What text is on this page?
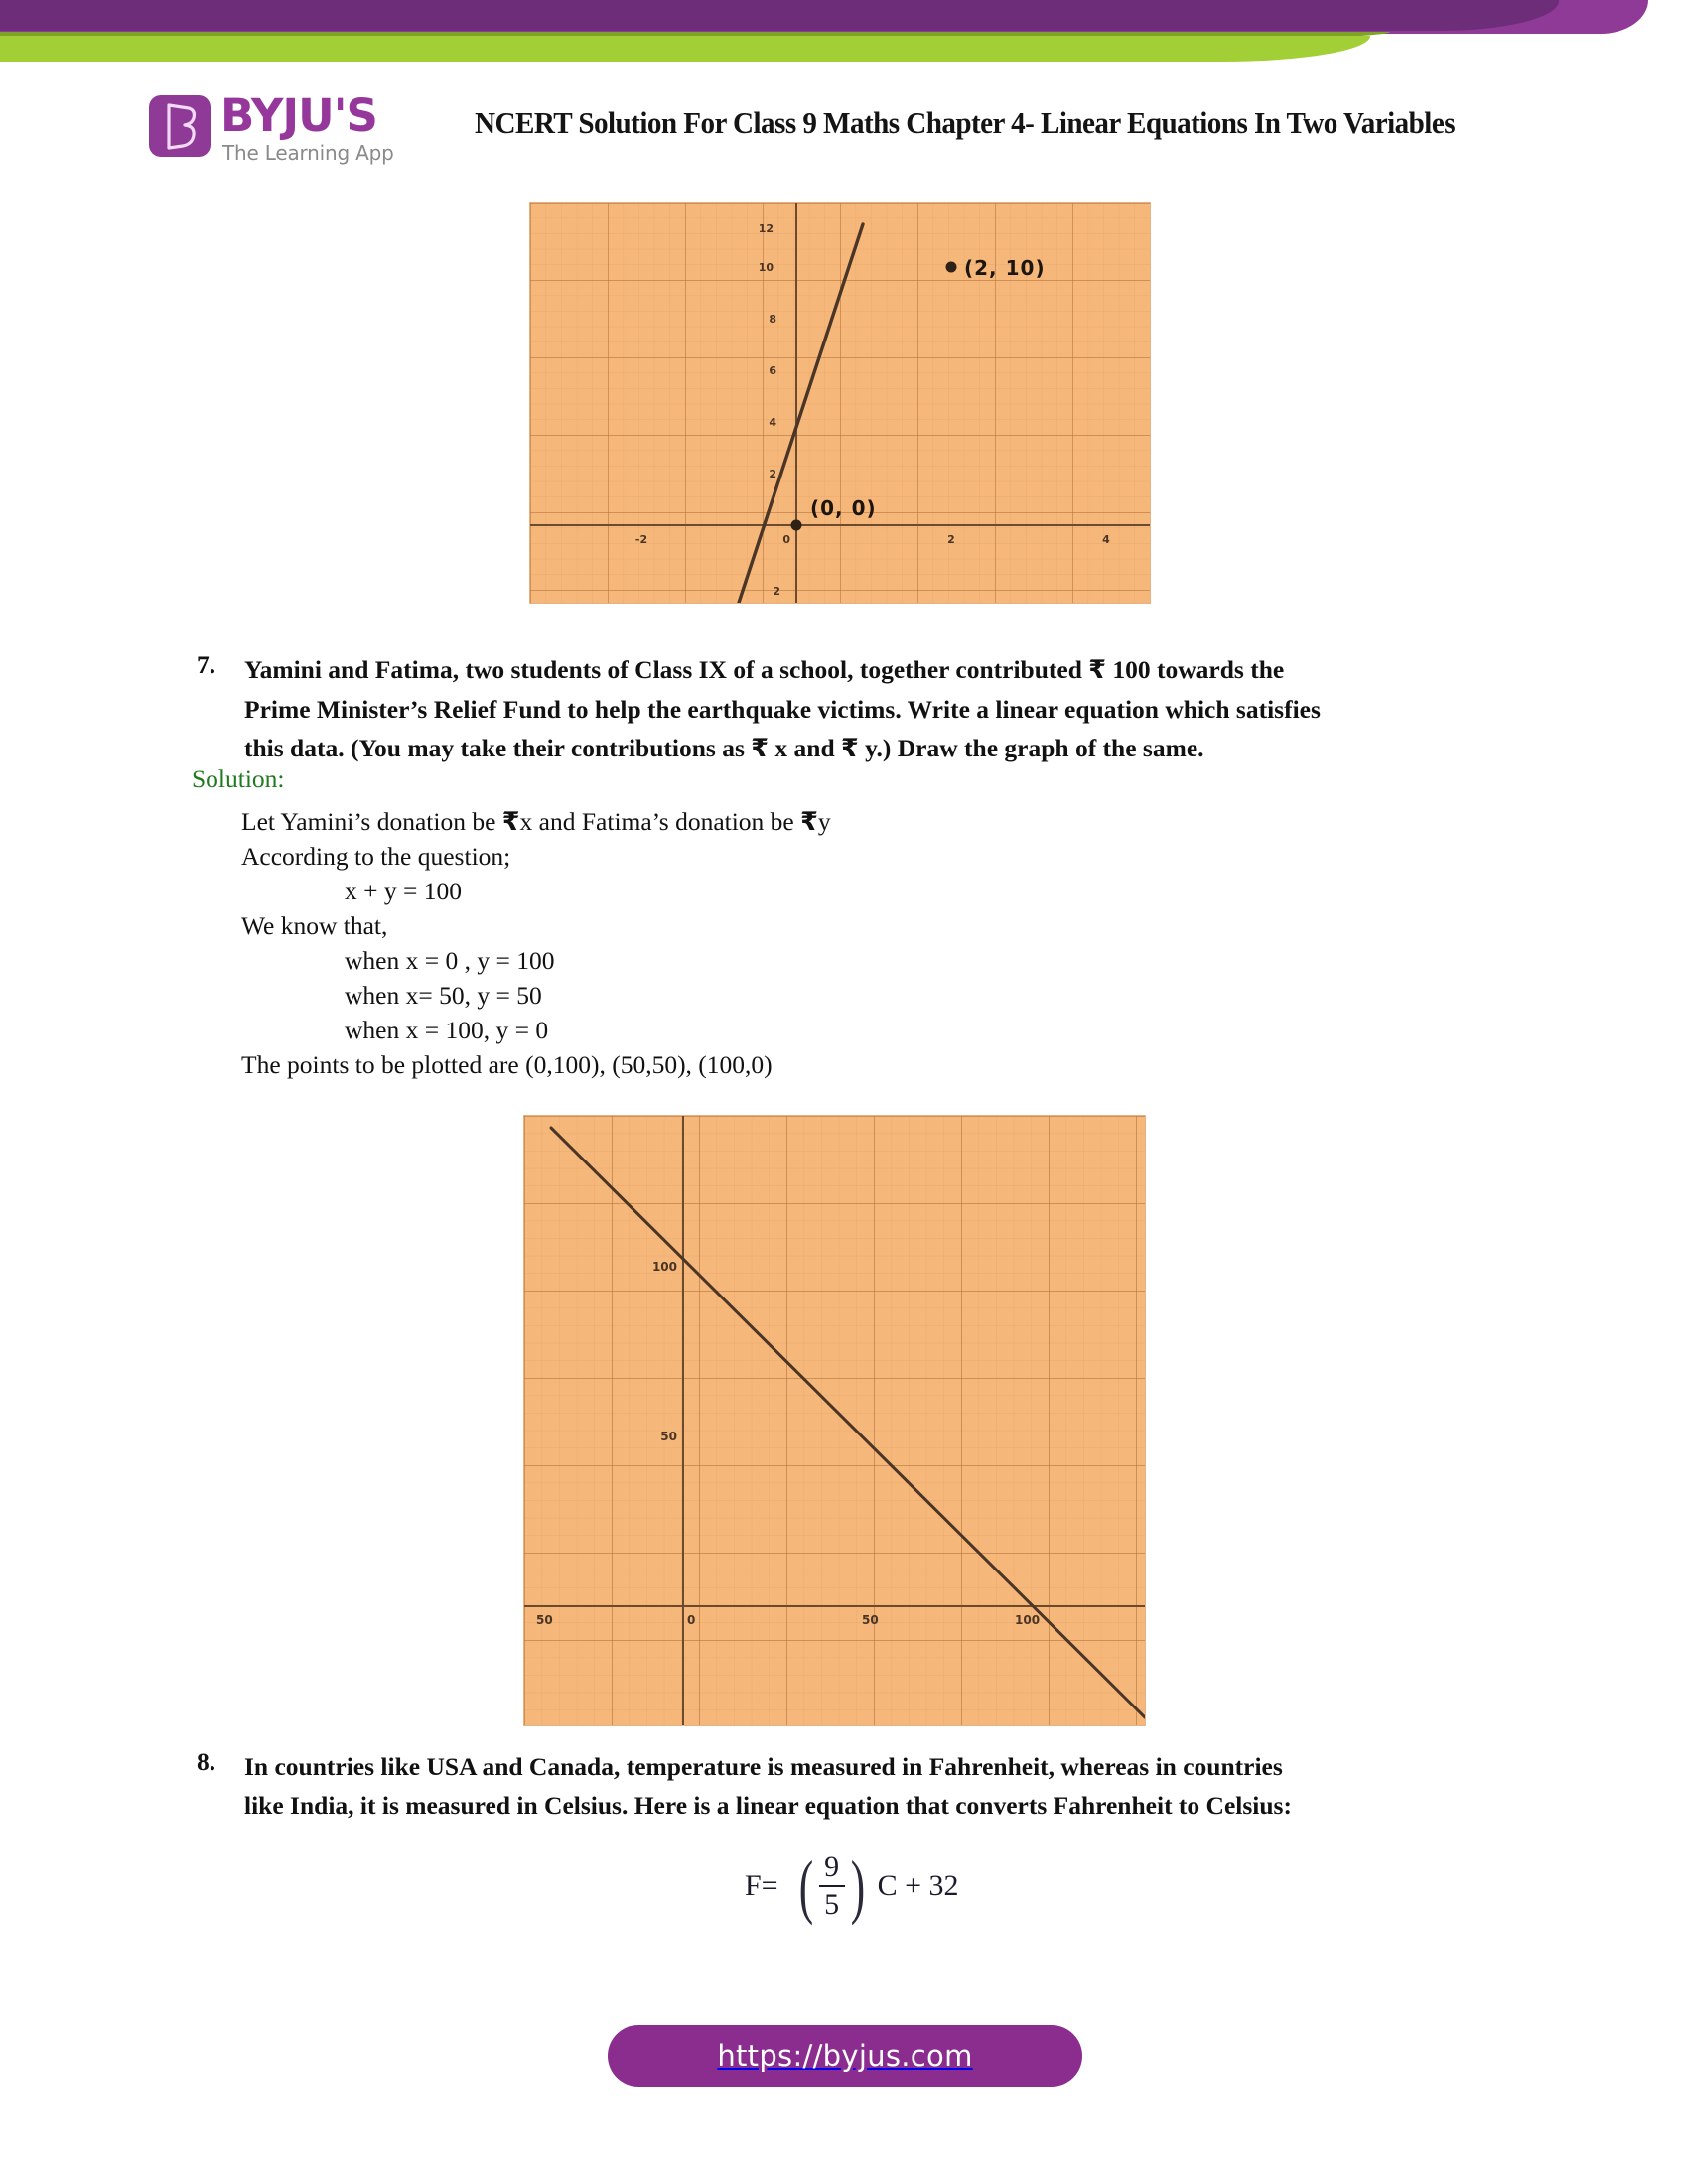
BYJU'S
The Learning App
NCERT Solution For Class 9 Maths Chapter 4- Linear Equations In Two Variables
12
10
8
6
4
2
0
2
-2	2	4
(0, 0)
(2, 10)
7. Yamini and Fatima, two students of Class IX of a school, together contributed ₹ 100 towards the
Prime Minister’s Relief Fund to help the earthquake victims. Write a linear equation which satisfies
this data. (You may take their contributions as ₹ x and ₹ y.) Draw the graph of the same.
Solution:
Let Yamini’s donation be ₹x and Fatima’s donation be ₹y
According to the question;
x + y = 100
We know that,
when x = 0 , y = 100
when x= 50, y = 50
when x = 100, y = 0
The points to be plotted are (0,100), (50,50), (100,0)
100
50
50	0	50	100
8. In countries like USA and Canada, temperature is measured in Fahrenheit, whereas in countries
like India, it is measured in Celsius. Here is a linear equation that converts Fahrenheit to Celsius:
F= ( $\frac{9}{5}$ ) C + 32
https://byjus.com
